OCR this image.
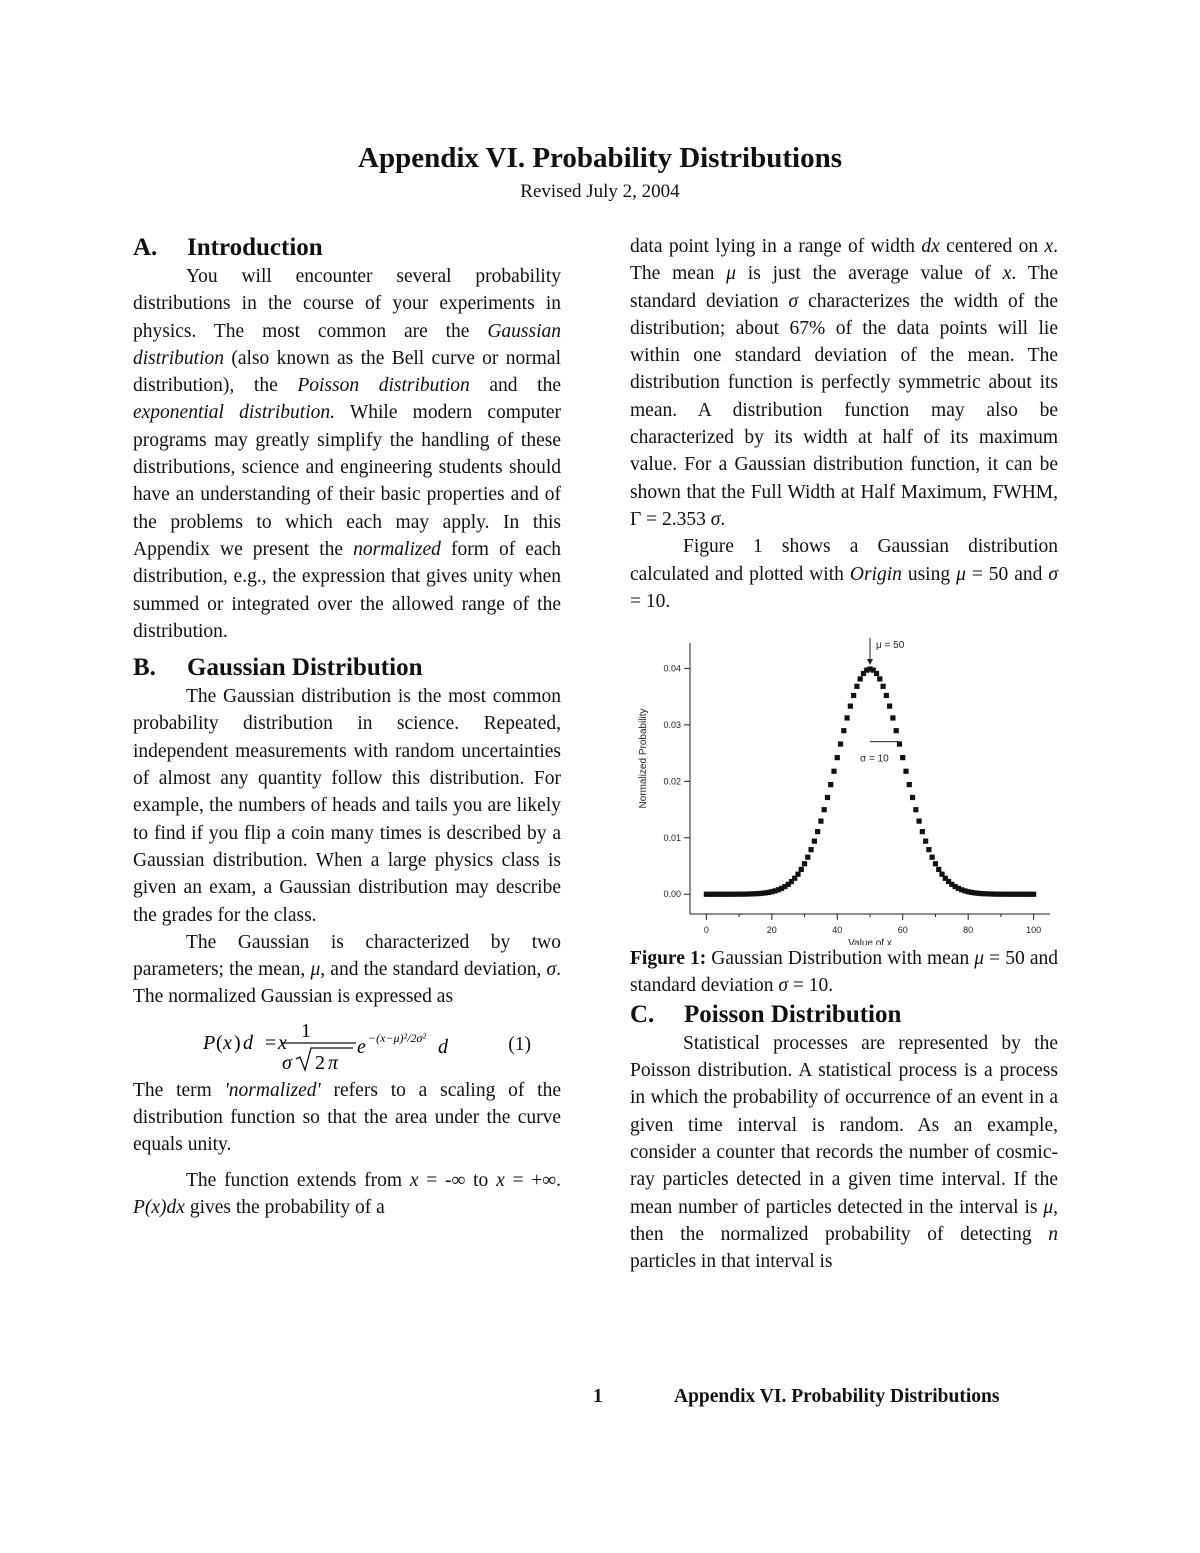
Appendix VI. Probability Distributions
Revised July 2, 2004
A.	Introduction

You will encounter several probability distributions in the course of your experiments in physics. The most common are the Gaussian distribution (also known as the Bell curve or normal distribution), the Poisson distribution and the exponential distribution. While modern computer programs may greatly simplify the handling of these distributions, science and engineering students should have an understanding of their basic properties and of the problems to which each may apply. In this Appendix we present the normalized form of each distribution, e.g., the expression that gives unity when summed or integrated over the allowed range of the distribution.

B.	Gaussian Distribution

The Gaussian distribution is the most common probability distribution in science. Repeated, independent measurements with random uncertainties of almost any quantity follow this distribution. For example, the numbers of heads and tails you are likely to find if you flip a coin many times is described by a Gaussian distribution. When a large physics class is given an exam, a Gaussian distribution may describe the grades for the class.

The Gaussian is characterized by two parameters; the mean, μ, and the standard deviation, σ. The normalized Gaussian is expressed as

P ( x ) d = x
1
σ 2 π
e −(x−μ)²/2σ² d	(1)

The term 'normalized' refers to a scaling of the distribution function so that the area under the curve equals unity.

The function extends from x = -∞ to x = +∞. P(x)dx gives the probability of a

data point lying in a range of width dx centered on x. The mean μ is just the average value of x. The standard deviation σ characterizes the width of the distribution; about 67% of the data points will lie within one standard deviation of the mean. The distribution function is perfectly symmetric about its mean. A distribution function may also be characterized by its width at half of its maximum value. For a Gaussian distribution function, it can be shown that the Full Width at Half Maximum, FWHM, Γ = 2.353 σ.

Figure 1 shows a Gaussian distribution calculated and plotted with Origin using μ = 50 and σ = 10.

0.00
0.01
0.02
0.03
0.04
0	20	40	60	80	100
Value of x
Normalized Probability
μ = 50
σ = 10

Figure 1: Gaussian Distribution with mean μ = 50 and standard deviation σ = 10.

C.	Poisson Distribution

Statistical processes are represented by the Poisson distribution. A statistical process is a process in which the probability of occurrence of an event in a given time interval is random. As an example, consider a counter that records the number of cosmic-ray particles detected in a given time interval. If the mean number of particles detected in the interval is μ, then the normalized probability of detecting n particles in that interval is

1	Appendix VI. Probability Distributions
